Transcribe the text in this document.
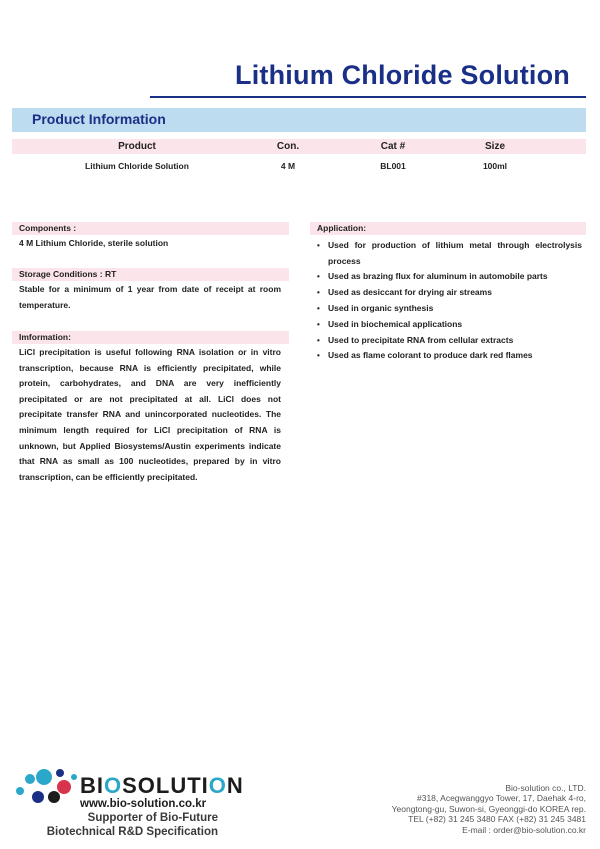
Lithium Chloride Solution
Product Information
Product	Con.	Cat #	Size
Lithium Chloride Solution	4 M	BL001	100ml
Components :
4 M Lithium Chloride, sterile solution
Storage Conditions : RT
Stable for a minimum of 1 year from date of receipt at room temperature.
Imformation:
LiCl precipitation is useful following RNA isolation or in vitro transcription, because RNA is efficiently precipitated, while protein, carbohydrates, and DNA are very inefficiently precipitated or are not precipitated at all. LiCl does not precipitate transfer RNA and unincorporated nucleotides. The minimum length required for LiCl precipitation of RNA is unknown, but Applied Biosystems/Austin experiments indicate that RNA as small as 100 nucleotides, prepared by in vitro transcription, can be efficiently precipitated.
Application:
• Used for production of lithium metal through electrolysis process
• Used as brazing flux for aluminum in automobile parts
• Used as desiccant for drying air streams
• Used in organic synthesis
• Used in biochemical applications
• Used to precipitate RNA from cellular extracts
• Used as flame colorant to produce dark red flames
BIOSOLUTION
www.bio-solution.co.kr
Supporter of Bio-Future
Biotechnical R&D Specification
Bio-solution co., LTD.
#318, Acegwanggyo Tower, 17, Daehak 4-ro,
Yeongtong-gu, Suwon-si, Gyeonggi-do KOREA rep.
TEL (+82) 31 245 3480 FAX (+82) 31 245 3481
E-mail : order@bio-solution.co.kr
